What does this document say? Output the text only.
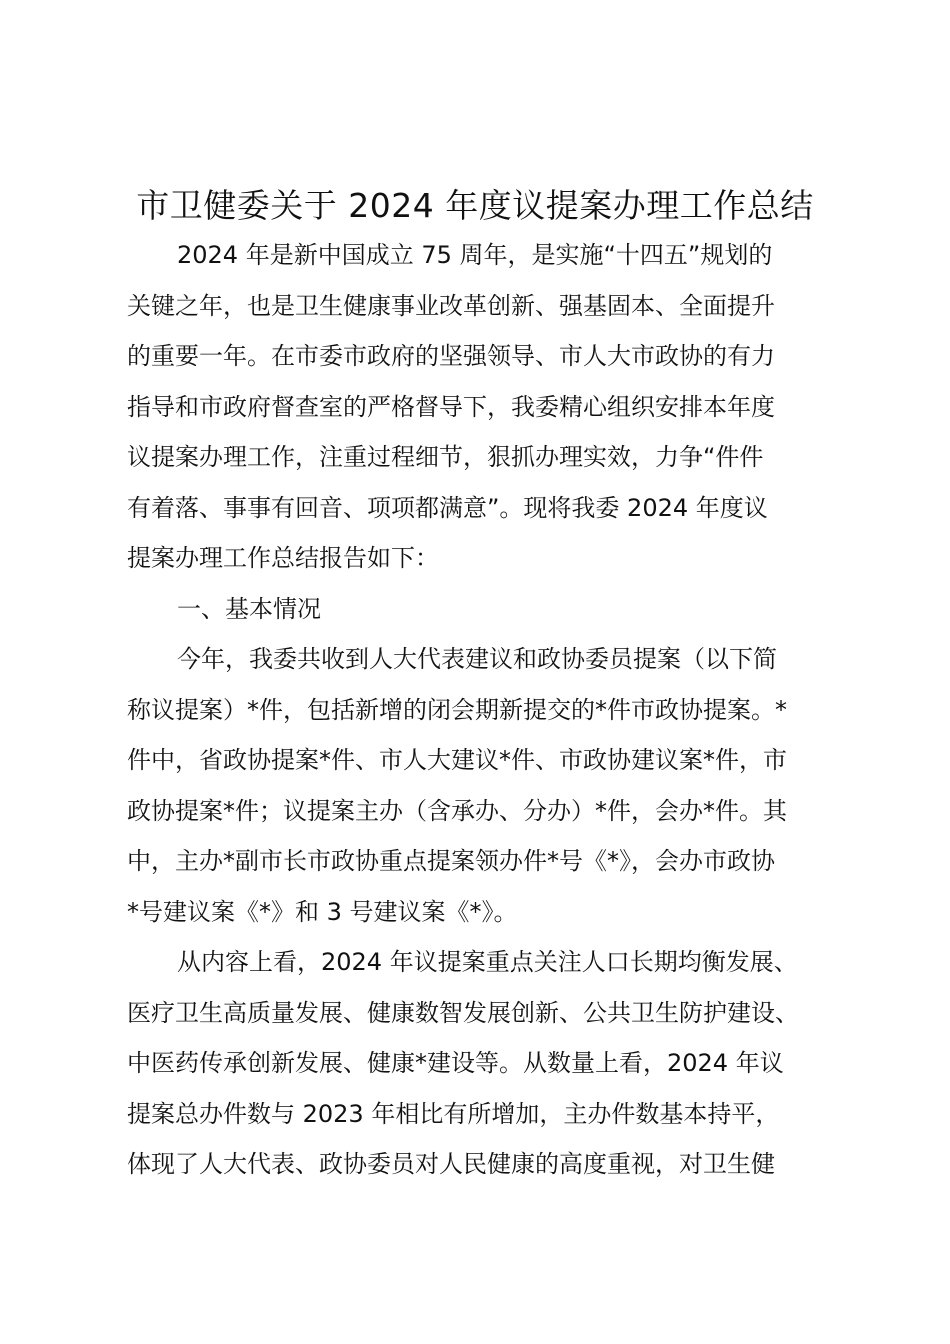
市卫健委关于 2024 年度议提案办理工作总结
2024 年是新中国成立 75 周年，是实施“十四五”规划的
关键之年，也是卫生健康事业改革创新、强基固本、全面提升
的重要一年。在市委市政府的坚强领导、市人大市政协的有力
指导和市政府督查室的严格督导下，我委精心组织安排本年度
议提案办理工作，注重过程细节，狠抓办理实效，力争“件件
有着落、事事有回音、项项都满意”。现将我委 2024 年度议
提案办理工作总结报告如下：
一、基本情况
今年，我委共收到人大代表建议和政协委员提案（以下简
称议提案）*件，包括新增的闭会期新提交的*件市政协提案。*
件中，省政协提案*件、市人大建议*件、市政协建议案*件，市
政协提案*件；议提案主办（含承办、分办）*件，会办*件。其
中，主办*副市长市政协重点提案领办件*号《*》，会办市政协
*号建议案《*》和 3 号建议案《*》。
从内容上看，2024 年议提案重点关注人口长期均衡发展、
医疗卫生高质量发展、健康数智发展创新、公共卫生防护建设、
中医药传承创新发展、健康*建设等。从数量上看，2024 年议
提案总办件数与 2023 年相比有所增加，主办件数基本持平，
体现了人大代表、政协委员对人民健康的高度重视，对卫生健
